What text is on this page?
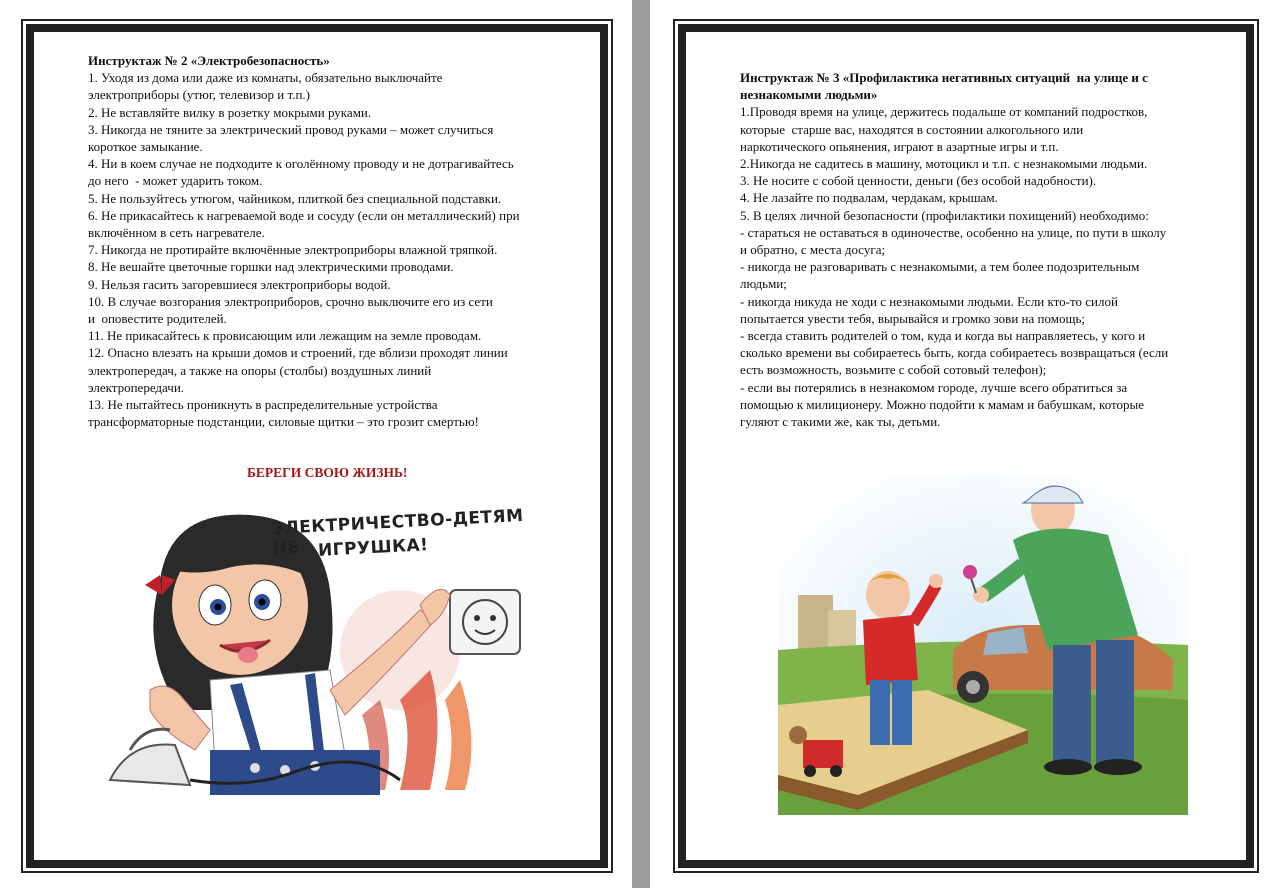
Инструктаж № 2 «Электробезопасность»
1. Уходя из дома или даже из комнаты, обязательно выключайте
электроприборы (утюг, телевизор и т.п.)
2. Не вставляйте вилку в розетку мокрыми руками.
3. Никогда не тяните за электрический провод руками – может случиться
короткое замыкание.
4. Ни в коем случае не подходите к оголённому проводу и не дотрагивайтесь
до него  - может ударить током.
5. Не пользуйтесь утюгом, чайником, плиткой без специальной подставки.
6. Не прикасайтесь к нагреваемой воде и сосуду (если он металлический) при
включённом в сеть нагревателе.
7. Никогда не протирайте включённые электроприборы влажной тряпкой.
8. Не вешайте цветочные горшки над электрическими проводами.
9. Нельзя гасить загоревшиеся электроприборы водой.
10. В случае возгорания электроприборов, срочно выключите его из сети
и  оповестите родителей.
11. Не прикасайтесь к провисающим или лежащим на земле проводам.
12. Опасно влезать на крыши домов и строений, где вблизи проходят линии
электропередач, а также на опоры (столбы) воздушных линий
электропередачи.
13. Не пытайтесь проникнуть в распределительные устройства
трансформаторные подстанции, силовые щитки – это грозит смертью!
БЕРЕГИ СВОЮ ЖИЗНЬ!
ЭЛЕКТРИЧЕСТВО-ДЕТЯМ НЕ	ИГРУШКА!
Инструктаж № 3 «Профилактика негативных ситуаций  на улице и с
незнакомыми людьми»
1.Проводя время на улице, держитесь подальше от компаний подростков,
которые  старше вас, находятся в состоянии алкогольного или
наркотического опьянения, играют в азартные игры и т.п.
2.Никогда не садитесь в машину, мотоцикл и т.п. с незнакомыми людьми.
3. Не носите с собой ценности, деньги (без особой надобности).
4. Не лазайте по подвалам, чердакам, крышам.
5. В целях личной безопасности (профилактики похищений) необходимо:
- стараться не оставаться в одиночестве, особенно на улице, по пути в школу
и обратно, с места досуга;
- никогда не разговаривать с незнакомыми, а тем более подозрительным
людьми;
- никогда никуда не ходи с незнакомыми людьми. Если кто-то силой
попытается увести тебя, вырывайся и громко зови на помощь;
- всегда ставить родителей о том, куда и когда вы направляетесь, у кого и
сколько времени вы собираетесь быть, когда собираетесь возвращаться (если
есть возможность, возьмите с собой сотовый телефон);
- если вы потерялись в незнакомом городе, лучше всего обратиться за
помощью к милиционеру. Можно подойти к мамам и бабушкам, которые
гуляют с такими же, как ты, детьми.
